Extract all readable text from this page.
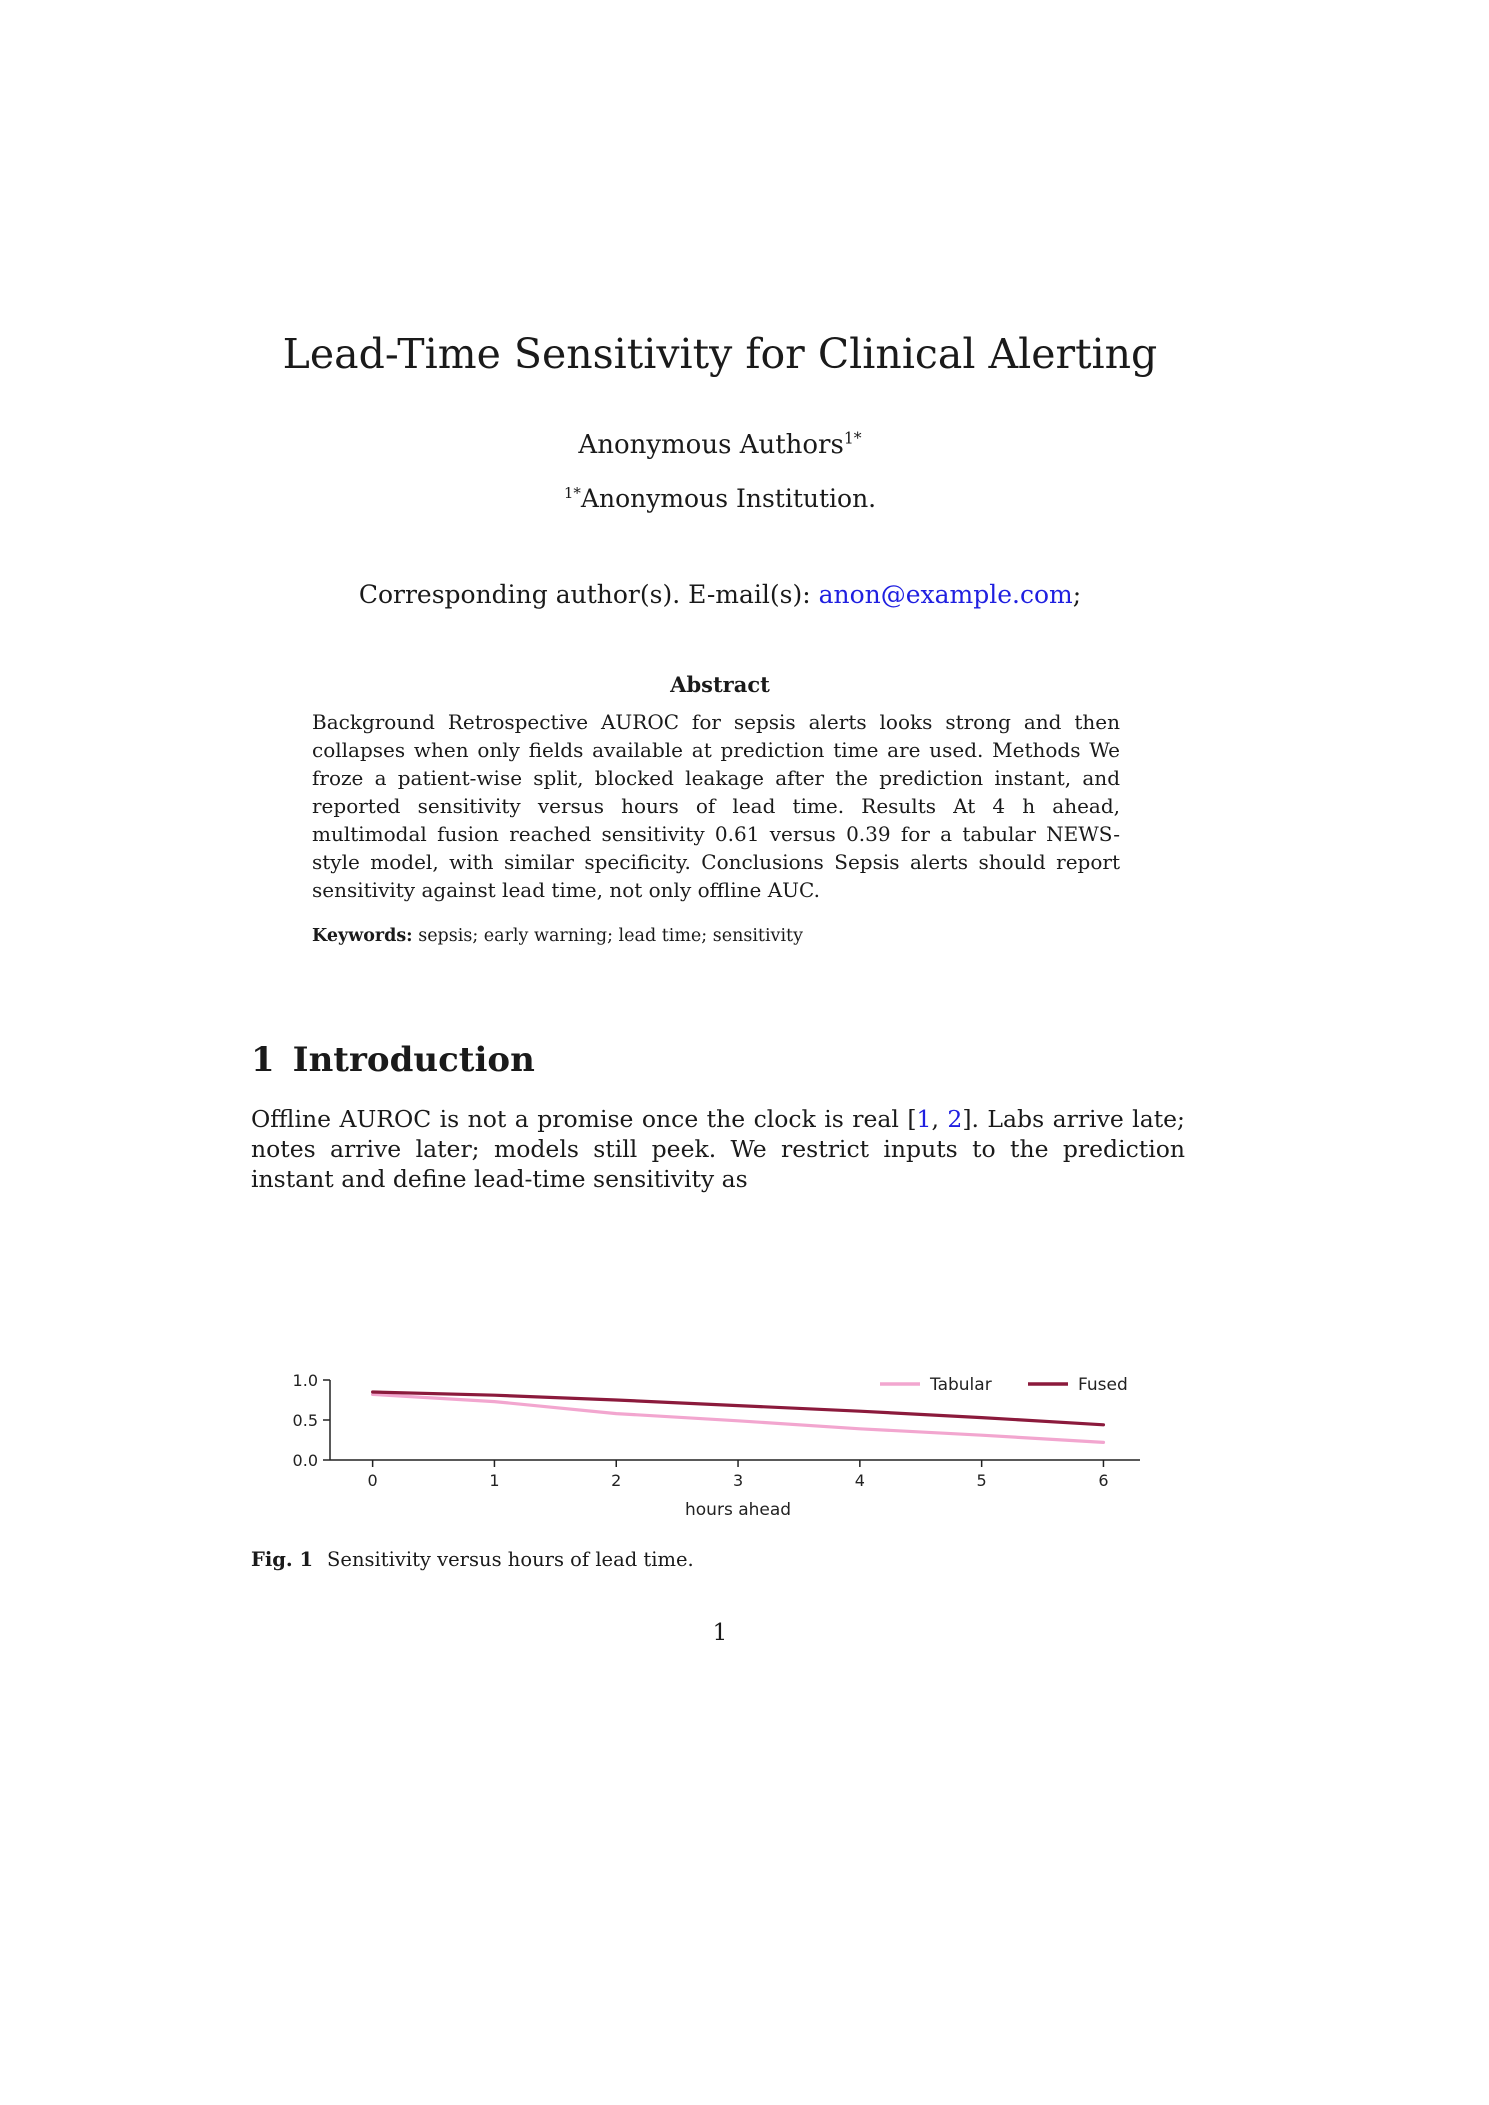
Lead-Time Sensitivity for Clinical Alerting
Anonymous Authors$^{1*}$
$^{1*}$Anonymous Institution.
Corresponding author(s). E-mail(s): anon@example.com;
Abstract
Background Retrospective AUROC for sepsis alerts looks strong and then collapses when only fields available at prediction time are used. Methods We froze a patient-wise split, blocked leakage after the prediction instant, and reported sensitivity versus hours of lead time. Results At 4 h ahead, multimodal fusion reached sensitivity 0.61 versus 0.39 for a tabular NEWS-style model, with similar specificity. Conclusions Sepsis alerts should report sensitivity against lead time, not only offline AUC.
Keywords: sepsis; early warning; lead time; sensitivity
1 Introduction
Offline AUROC is not a promise once the clock is real [1, 2]. Labs arrive late; notes arrive later; models still peek. We restrict inputs to the prediction instant and define lead-time sensitivity as
0.0
0.5
1.0
0	1	2	3	4	5	6
hours ahead
Tabular	Fused
Fig. 1 Sensitivity versus hours of lead time.
1
